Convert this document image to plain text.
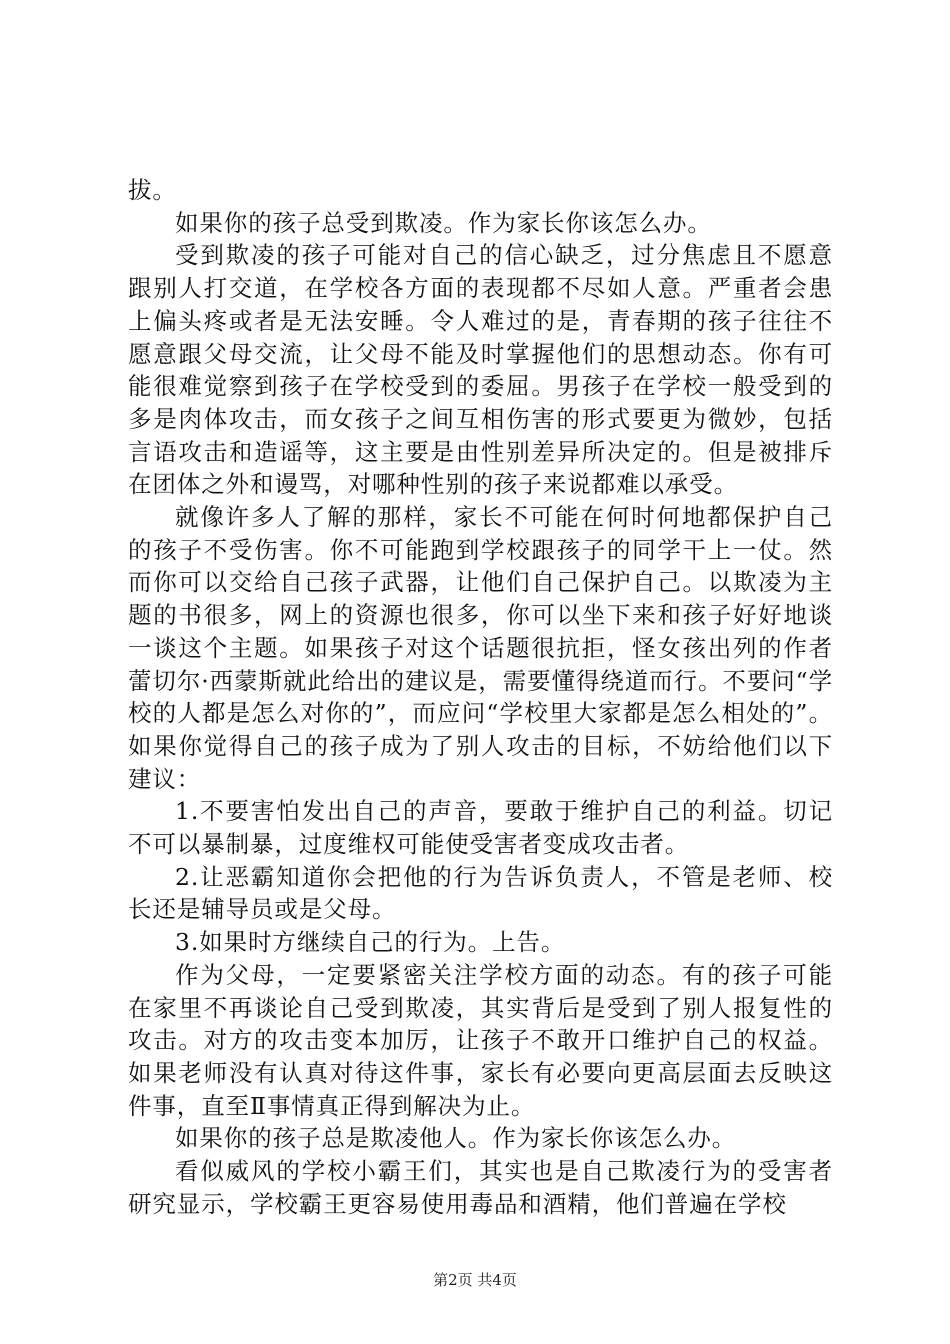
拔。

如果你的孩子总受到欺凌。作为家长你该怎么办。

受到欺凌的孩子可能对自己的信心缺乏，过分焦虑且不愿意跟别人打交道，在学校各方面的表现都不尽如人意。严重者会患上偏头疼或者是无法安睡。令人难过的是，青春期的孩子往往不愿意跟父母交流，让父母不能及时掌握他们的思想动态。你有可能很难觉察到孩子在学校受到的委屈。男孩子在学校一般受到的多是肉体攻击，而女孩子之间互相伤害的形式要更为微妙，包括言语攻击和造谣等，这主要是由性别差异所决定的。但是被排斥在团体之外和谩骂，对哪种性别的孩子来说都难以承受。

就像许多人了解的那样，家长不可能在何时何地都保护自己的孩子不受伤害。你不可能跑到学校跟孩子的同学干上一仗。然而你可以交给自己孩子武器，让他们自己保护自己。以欺凌为主题的书很多，网上的资源也很多，你可以坐下来和孩子好好地谈一谈这个主题。如果孩子对这个话题很抗拒，怪女孩出列的作者蕾切尔·西蒙斯就此给出的建议是，需要懂得绕道而行。不要问“学校的人都是怎么对你的”，而应问“学校里大家都是怎么相处的”。如果你觉得自己的孩子成为了别人攻击的目标，不妨给他们以下建议：

1.不要害怕发出自己的声音，要敢于维护自己的利益。切记不可以暴制暴，过度维权可能使受害者变成攻击者。

2.让恶霸知道你会把他的行为告诉负责人，不管是老师、校长还是辅导员或是父母。

3.如果时方继续自己的行为。上告。

作为父母，一定要紧密关注学校方面的动态。有的孩子可能在家里不再谈论自己受到欺凌，其实背后是受到了别人报复性的攻击。对方的攻击变本加厉，让孩子不敢开口维护自己的权益。如果老师没有认真对待这件事，家长有必要向更高层面去反映这件事，直至Ⅱ事情真正得到解决为止。

如果你的孩子总是欺凌他人。作为家长你该怎么办。

看似威风的学校小霸王们，其实也是自己欺凌行为的受害者研究显示，学校霸王更容易使用毒品和酒精，他们普遍在学校

第2页 共4页
